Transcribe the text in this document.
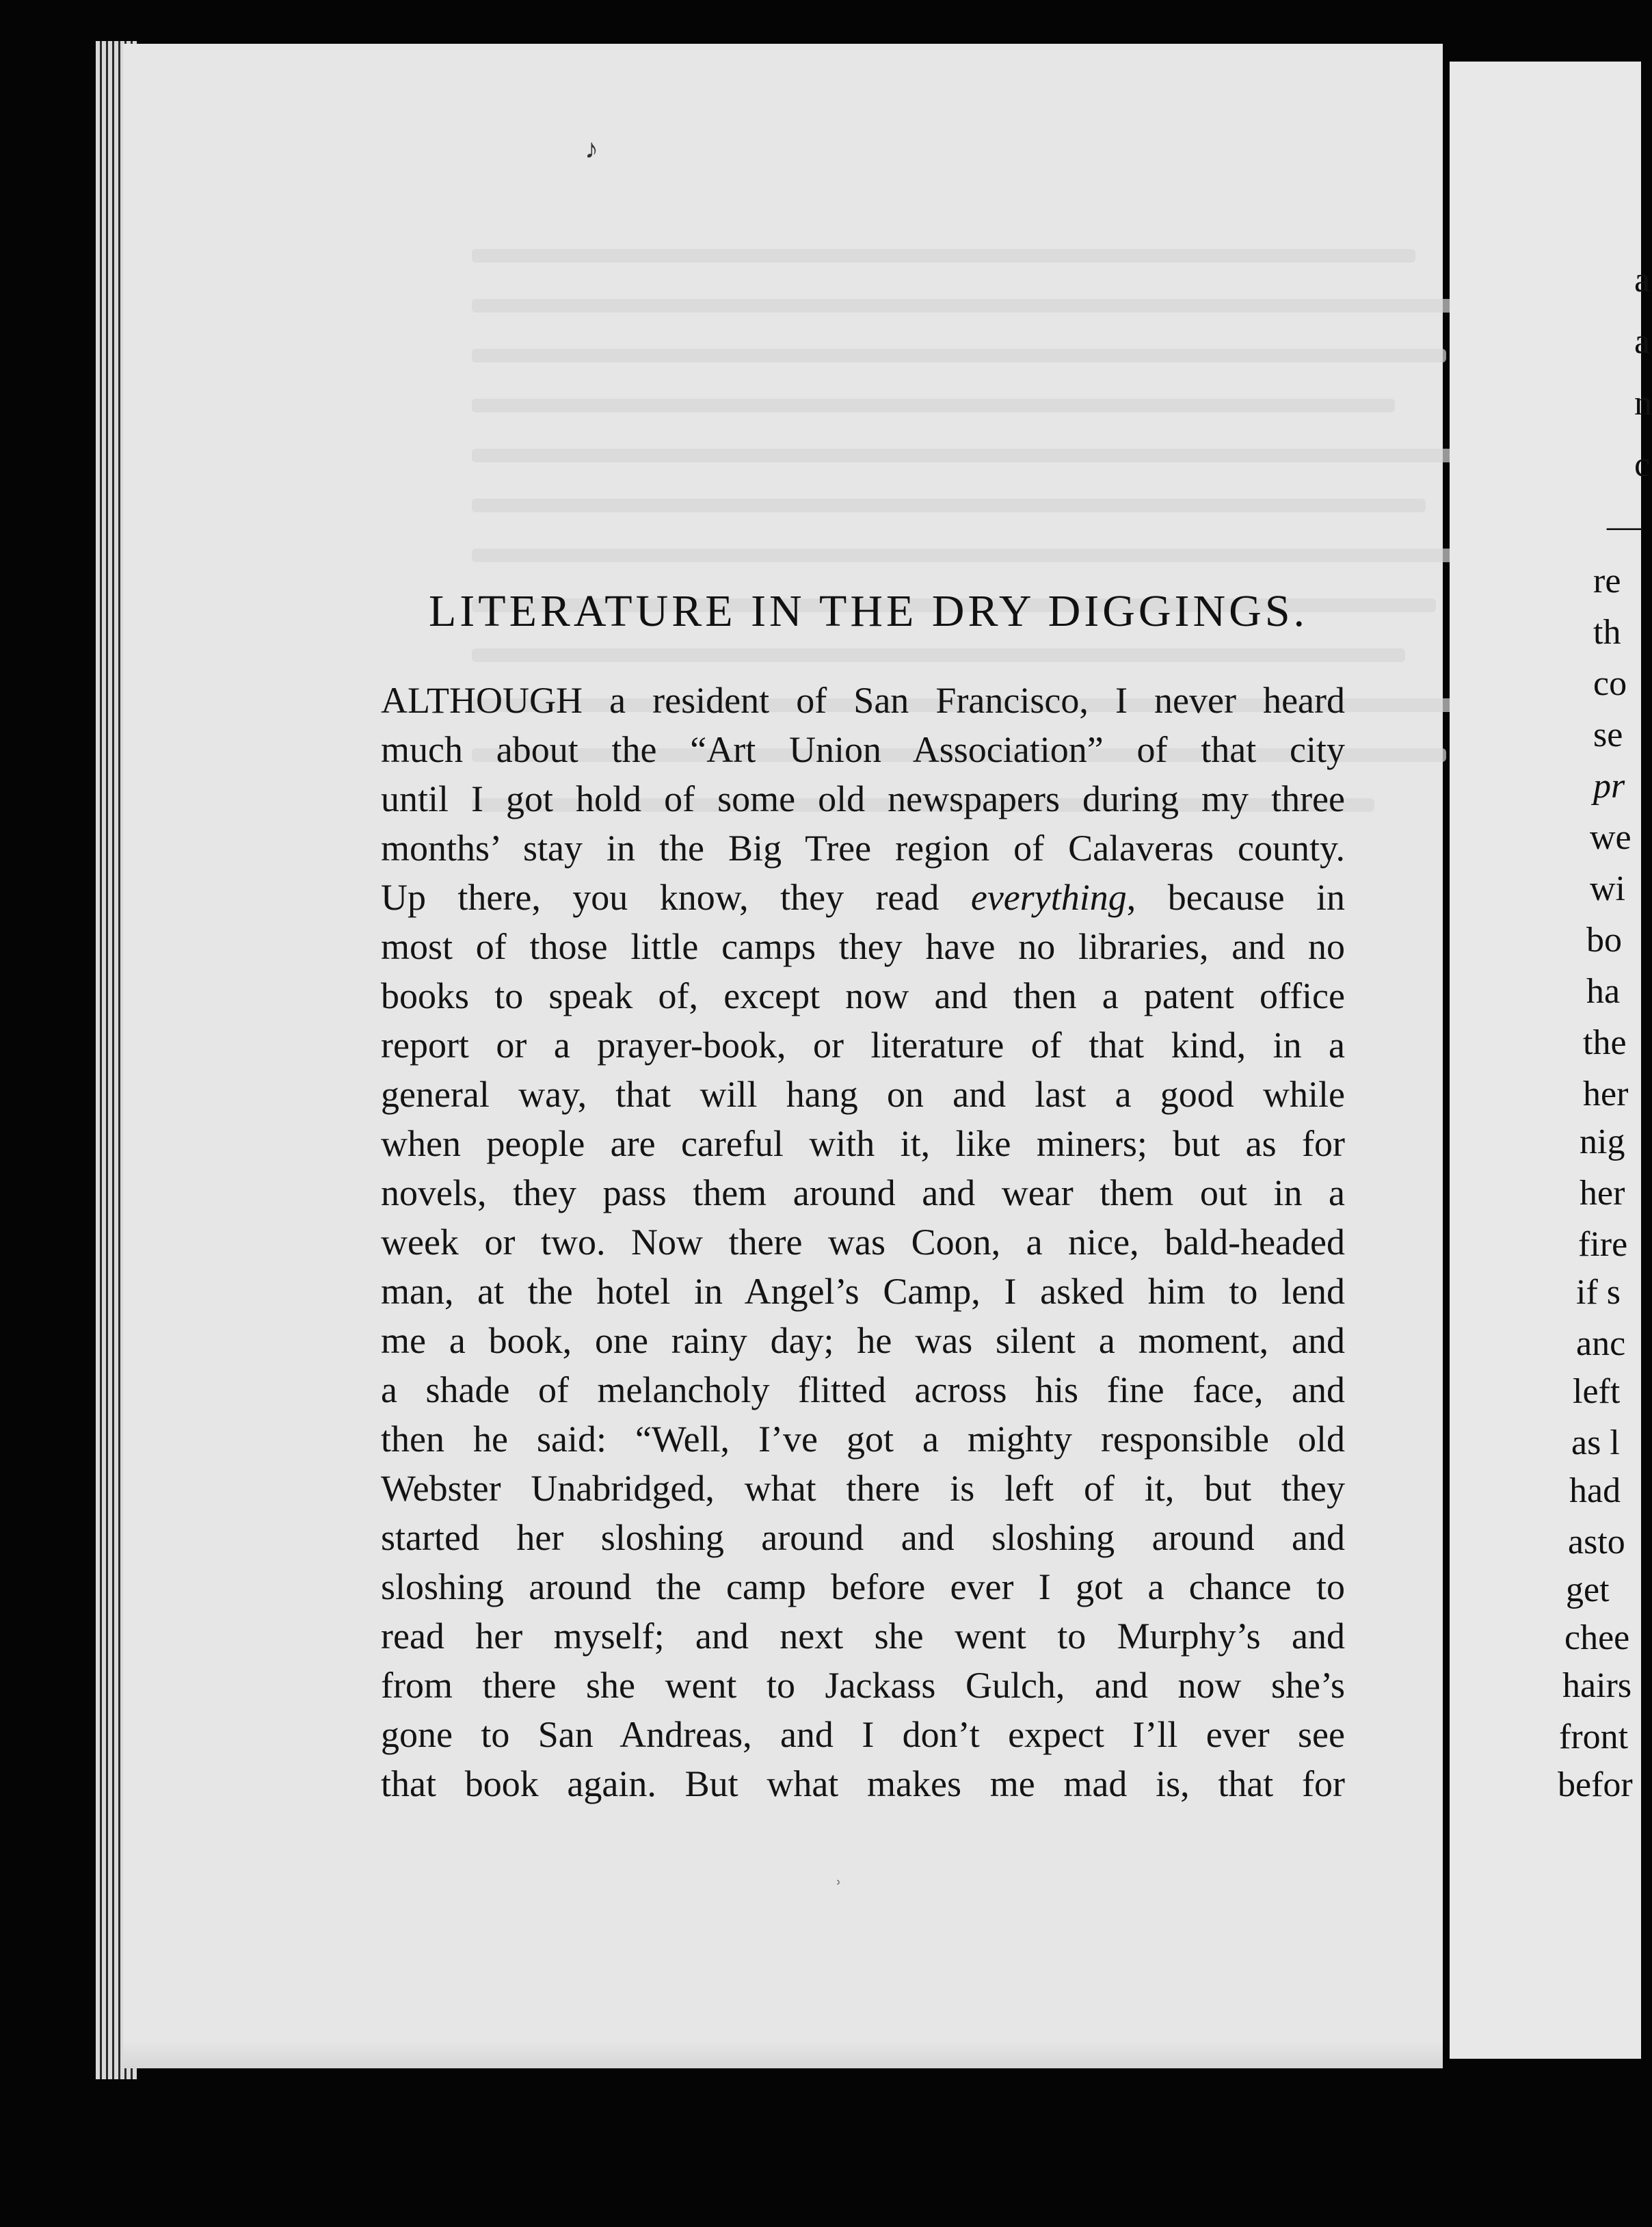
♪
˒
a
a
n
c
—
re
th
co
se
pr
we
wi
bo
ha
the
her
nig
her
fire
if s
anc
left
as l
had
asto
get
chee
hairs
front
befor
LITERATURE IN THE DRY DIGGINGS.
ALTHOUGH a resident of San Francisco, I never heard
much about the “Art Union Association” of that city
until I got hold of some old newspapers during my three
months’ stay in the Big Tree region of Calaveras county.
Up there, you know, they read everything, because in
most of those little camps they have no libraries, and no
books to speak of, except now and then a patent office
report or a prayer-book, or literature of that kind, in a
general way, that will hang on and last a good while
when people are careful with it, like miners; but as for
novels, they pass them around and wear them out in a
week or two. Now there was Coon, a nice, bald-headed
man, at the hotel in Angel’s Camp, I asked him to lend
me a book, one rainy day; he was silent a moment, and
a shade of melancholy flitted across his fine face, and
then he said: “Well, I’ve got a mighty responsible old
Webster Unabridged, what there is left of it, but they
started her sloshing around and sloshing around and
sloshing around the camp before ever I got a chance to
read her myself; and next she went to Murphy’s and
from there she went to Jackass Gulch, and now she’s
gone to San Andreas, and I don’t expect I’ll ever see
that book again. But what makes me mad is, that for
